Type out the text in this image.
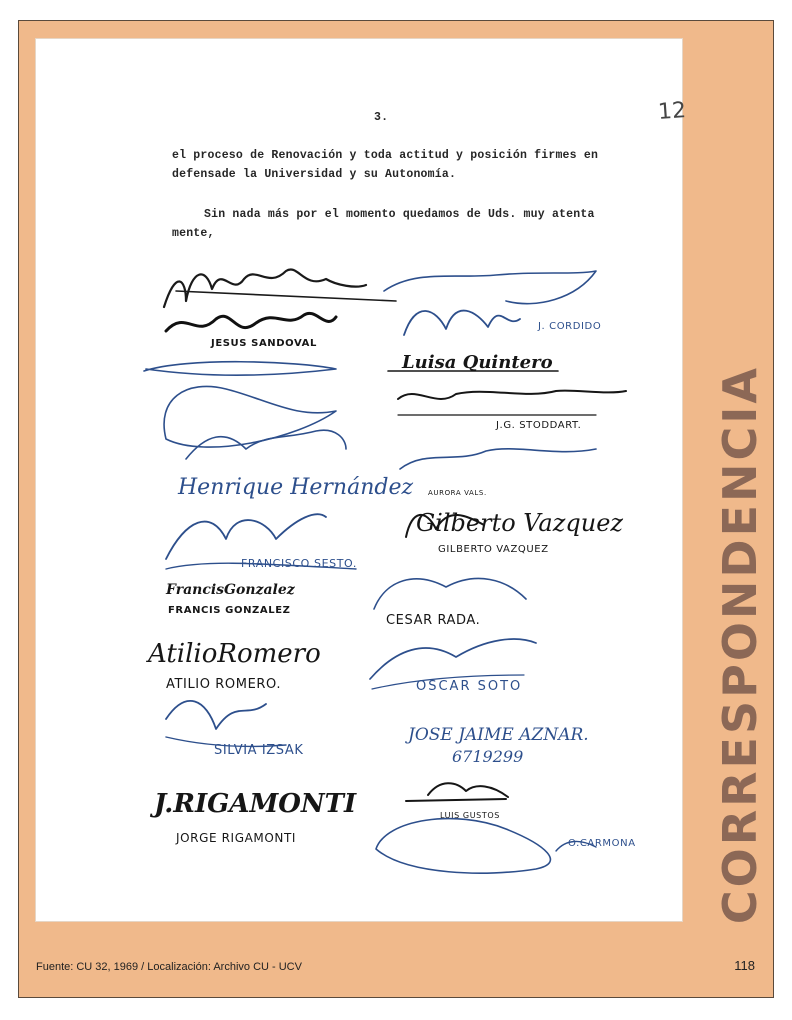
12
3.
el proceso de Renovación y toda actitud y posición firmes en
defensade la Universidad y su Autonomía.
Sin nada más por el momento quedamos de Uds. muy atenta
mente,
JESUS SANDOVAL
Henrique Hernández
FRANCISCO SESTO.
FrancisGonzalez
FRANCIS GONZALEZ
AtilioRomero
ATILIO ROMERO.
SILVIA IZSAK
J.RIGAMONTI
JORGE RIGAMONTI
J. CORDIDO
Luisa Quintero
J.G. STODDART.
AURORA VALS.
Gilberto Vazquez
GILBERTO VAZQUEZ
CESAR RADA.
OSCAR SOTO
JOSE JAIME AZNAR.
6719299
LUIS GUSTOS
O.CARMONA CORRESPONDENCIA
Fuente: CU 32, 1969 / Localización: Archivo CU - UCV	118
